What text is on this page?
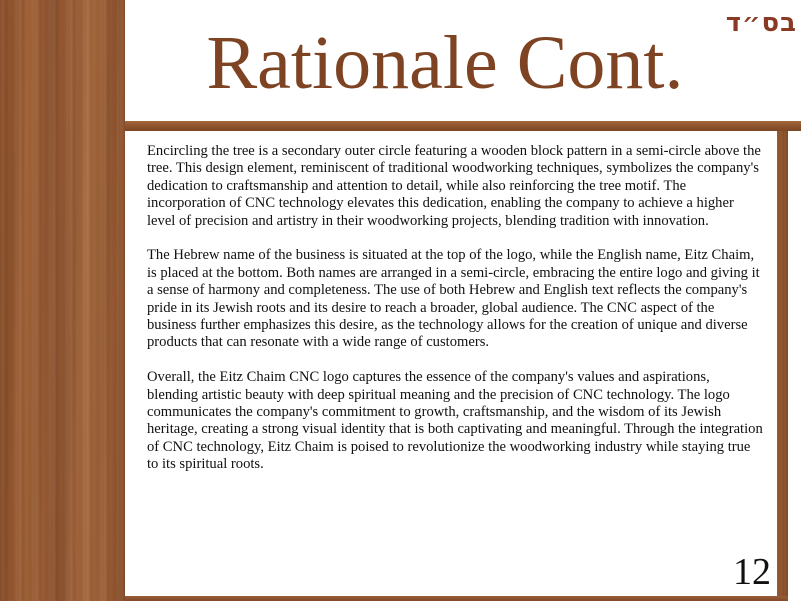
בס״ד

Rationale Cont.

Encircling the tree is a secondary outer circle featuring a wooden block pattern in a semi-circle above the tree. This design element, reminiscent of traditional woodworking techniques, symbolizes the company's dedication to craftsmanship and attention to detail, while also reinforcing the tree motif. The incorporation of CNC technology elevates this dedication, enabling the company to achieve a higher level of precision and artistry in their woodworking projects, blending tradition with innovation.

The Hebrew name of the business is situated at the top of the logo, while the English name, Eitz Chaim, is placed at the bottom. Both names are arranged in a semi-circle, embracing the entire logo and giving it a sense of harmony and completeness. The use of both Hebrew and English text reflects the company's pride in its Jewish roots and its desire to reach a broader, global audience. The CNC aspect of the business further emphasizes this desire, as the technology allows for the creation of unique and diverse products that can resonate with a wide range of customers.

Overall, the Eitz Chaim CNC logo captures the essence of the company's values and aspirations, blending artistic beauty with deep spiritual meaning and the precision of CNC technology. The logo communicates the company's commitment to growth, craftsmanship, and the wisdom of its Jewish heritage, creating a strong visual identity that is both captivating and meaningful. Through the integration of CNC technology, Eitz Chaim is poised to revolutionize the woodworking industry while staying true to its spiritual roots.

12
